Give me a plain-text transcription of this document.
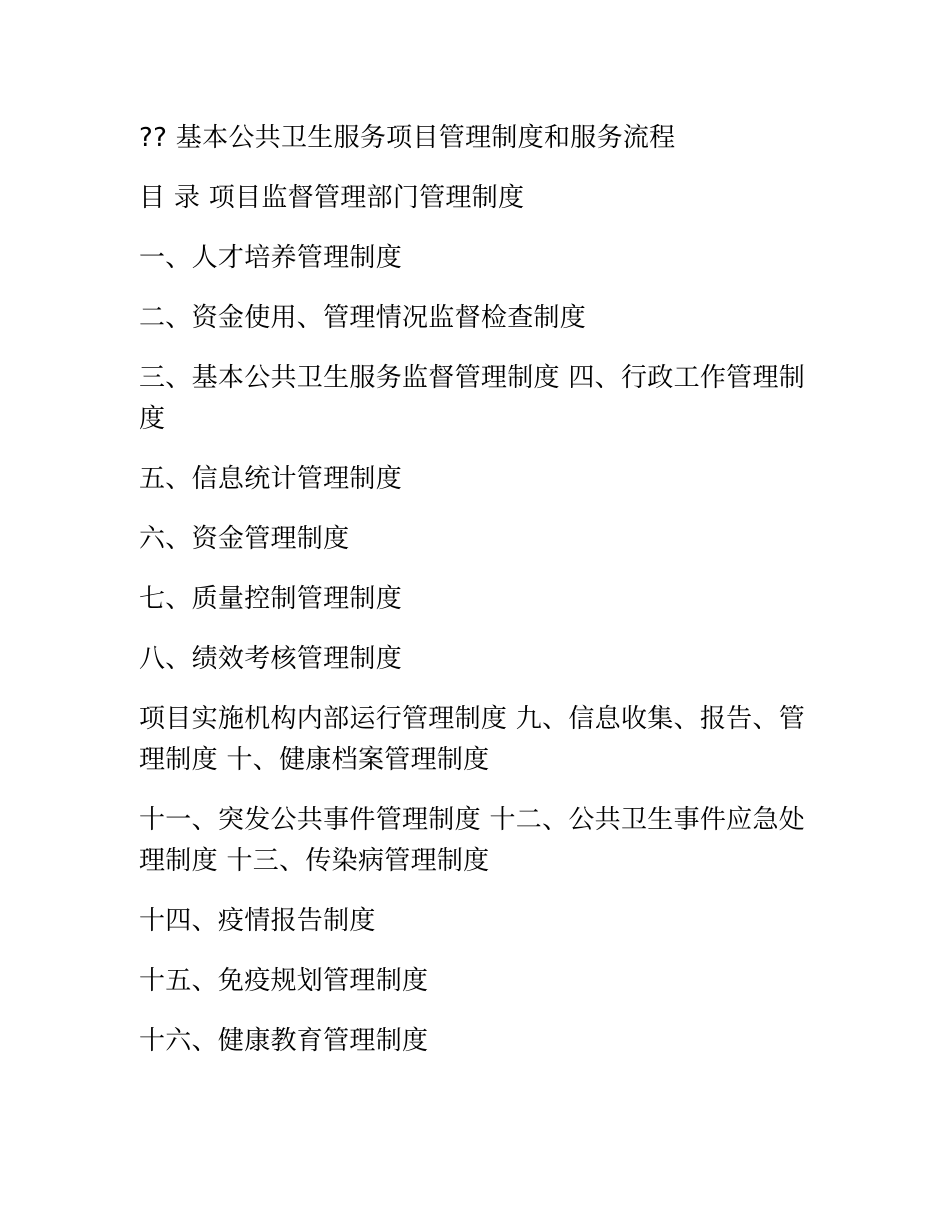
?? 基本公共卫生服务项目管理制度和服务流程

目 录 项目监督管理部门管理制度

一、人才培养管理制度

二、资金使用、管理情况监督检查制度

三、基本公共卫生服务监督管理制度 四、行政工作管理制度

五、信息统计管理制度

六、资金管理制度

七、质量控制管理制度

八、绩效考核管理制度

项目实施机构内部运行管理制度 九、信息收集、报告、管理制度 十、健康档案管理制度

十一、突发公共事件管理制度 十二、公共卫生事件应急处理制度 十三、传染病管理制度

十四、疫情报告制度

十五、免疫规划管理制度

十六、健康教育管理制度
